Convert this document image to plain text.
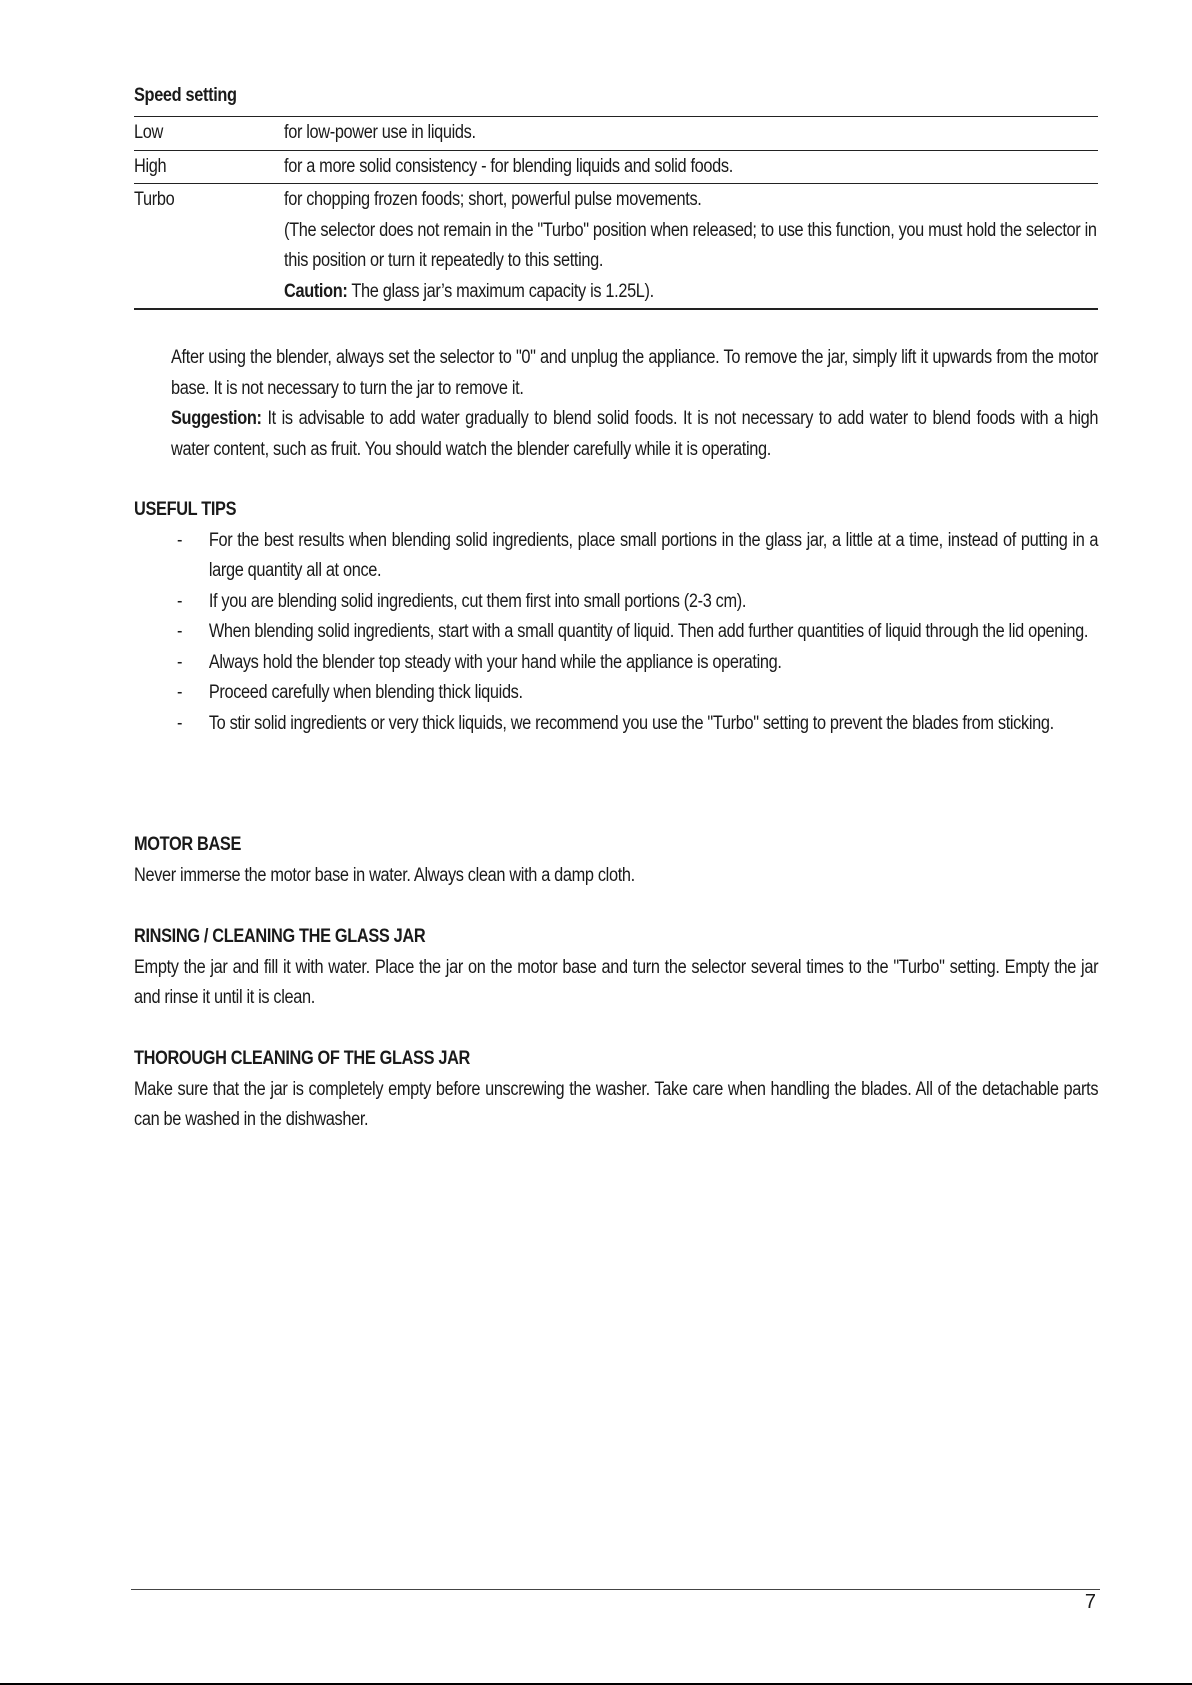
Speed setting
Low	for low-power use in liquids.

High	for a more solid consistency - for blending liquids and solid foods.

Turbo	for chopping frozen foods; short, powerful pulse movements.
(The selector does not remain in the "Turbo" position when released; to use this function, you must hold the selector in this position or turn it repeatedly to this setting.
Caution: The glass jar’s maximum capacity is 1.25L).
After using the blender, always set the selector to "0" and unplug the appliance. To remove the jar, simply lift it upwards from the motor base. It is not necessary to turn the jar to remove it.
Suggestion: It is advisable to add water gradually to blend solid foods. It is not necessary to add water to blend foods with a high water content, such as fruit. You should watch the blender carefully while it is operating.
USEFUL TIPS
-	For the best results when blending solid ingredients, place small portions in the glass jar, a little at a time, instead of putting in a large quantity all at once.
-	If you are blending solid ingredients, cut them first into small portions (2-3 cm).
-	When blending solid ingredients, start with a small quantity of liquid. Then add further quantities of liquid through the lid opening.
-	Always hold the blender top steady with your hand while the appliance is operating.
-	Proceed carefully when blending thick liquids.
-	To stir solid ingredients or very thick liquids, we recommend you use the "Turbo" setting to prevent the blades from sticking.
MOTOR BASE
Never immerse the motor base in water. Always clean with a damp cloth.
RINSING / CLEANING THE GLASS JAR
Empty the jar and fill it with water. Place the jar on the motor base and turn the selector several times to the "Turbo" setting. Empty the jar and rinse it until it is clean.
THOROUGH CLEANING OF THE GLASS JAR
Make sure that the jar is completely empty before unscrewing the washer. Take care when handling the blades. All of the detachable parts can be washed in the dishwasher.
7
